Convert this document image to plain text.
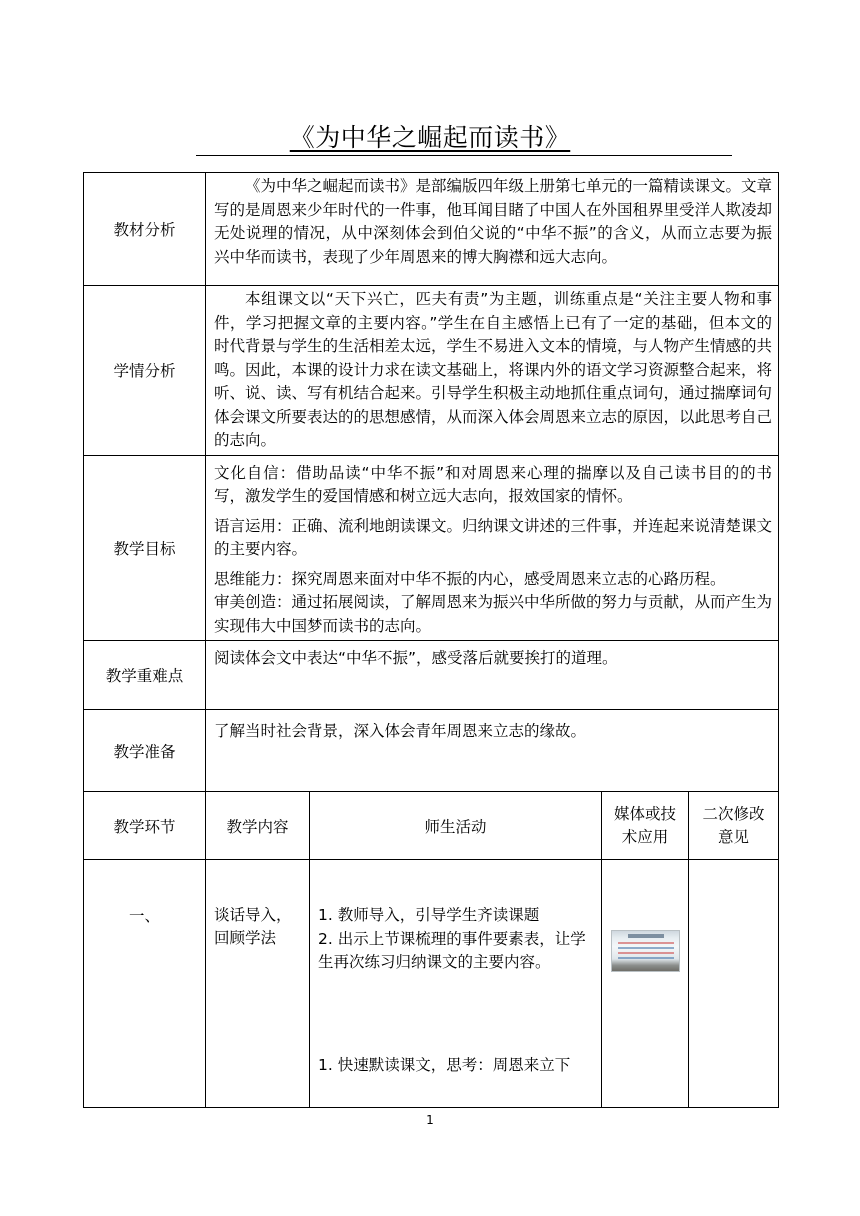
《为中华之崛起而读书》
教材分析	《为中华之崛起而读书》是部编版四年级上册第七单元的一篇精读课文。文章写的是周恩来少年时代的一件事，他耳闻目睹了中国人在外国租界里受洋人欺凌却无处说理的情况，从中深刻体会到伯父说的“中华不振”的含义，从而立志要为振兴中华而读书，表现了少年周恩来的博大胸襟和远大志向。			

学情分析	本组课文以“天下兴亡，匹夫有责”为主题，训练重点是“关注主要人物和事件，学习把握文章的主要内容。”学生在自主感悟上已有了一定的基础，但本文的时代背景与学生的生活相差太远，学生不易进入文本的情境，与人物产生情感的共鸣。因此，本课的设计力求在读文基础上，将课内外的语文学习资源整合起来，将听、说、读、写有机结合起来。引导学生积极主动地抓住重点词句，通过揣摩词句体会课文所要表达的的思想感情，从而深入体会周恩来立志的原因，以此思考自己的志向。			

教学目标	文化自信：借助品读“中华不振”和对周恩来心理的揣摩以及自己读书目的的书写，激发学生的爱国情感和树立远大志向，报效国家的情怀。

语言运用：正确、流利地朗读课文。归纳课文讲述的三件事，并连起来说清楚课文的主要内容。

思维能力：探究周恩来面对中华不振的内心，感受周恩来立志的心路历程。

审美创造：通过拓展阅读，了解周恩来为振兴中华所做的努力与贡献，从而产生为实现伟大中国梦而读书的志向。			

教学重难点	阅读体会文中表达“中华不振”，感受落后就要挨打的道理。			

教学准备	了解当时社会背景，深入体会青年周恩来立志的缘故。			

教学环节	教学内容	师生活动	媒体或技术应用	二次修改意见
一、	谈话导入，回顾学法	1. 教师导入，引导学生齐读课题

2. 出示上节课梳理的事件要素表，让学生再次练习归纳课文的主要内容。

1. 快速默读课文，思考：周恩来立下		

1
